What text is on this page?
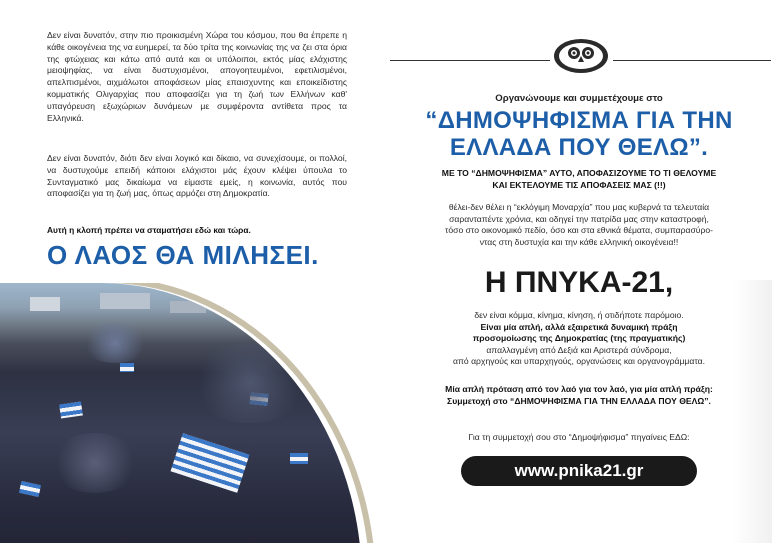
Δεν είναι δυνατόν, στην πιο προικισμένη Χώρα του κόσμου, που θα έπρεπε η κάθε οικογένεια της να ευημερεί, τα δύο τρίτα της κοινωνίας της να ζει στα όρια της φτώχειας και κάτω από αυτά και οι υπόλοιποι, εκτός μίας ελάχιστης μειοψηφίας, να είναι δυστυχισμένοι, απογοητευμένοι, εφετιλισμένοι, απελπισμένοι, αιχμάλωτοι αποφάσεων μίας επαισχυντης και εποικείδιστης κομματικής Ολιγαρχίας που αποφασίζει για τη ζωή των Ελλήνων καθ' υπαγόρευση εξωχώριων δυνάμεων με συμφέροντα αντίθετα προς τα Ελληνικά.
Δεν είναι δυνατόν, διότι δεν είναι λογικό και δίκαιο, να συνεχίσουμε, οι πολλοί, να δυστυχούμε επειδή κάποιοι ελάχιστοι μάς έχουν κλέψει ύπουλα το Συνταγματικό μας δικαίωμα να είμαστε εμείς, η κοινωνία, αυτός που αποφασίζει για τη ζωή μας, όπως αρμόζει στη Δημοκρατία.
Αυτή η κλοπή πρέπει να σταματήσει εδώ και τώρα.
Ο ΛΑΟΣ ΘΑ ΜΙΛΗΣΕΙ.
Οργανώνουμε και συμμετέχουμε στο
“ΔΗΜΟΨΗΦΙΣΜΑ ΓΙΑ ΤΗΝ
ΕΛΛΑΔΑ ΠΟΥ ΘΕΛΩ”.
ΜΕ ΤΟ “ΔΗΜΟΨΗΦΙΣΜΑ” ΑΥΤΟ, ΑΠΟΦΑΣΙΖΟΥΜΕ ΤΟ ΤΙ ΘΕΛΟΥΜΕ
ΚΑΙ ΕΚΤΕΛΟΥΜΕ ΤΙΣ ΑΠΟΦΑΣΕΙΣ ΜΑΣ (!!)
θέλει-δεν θέλει η “εκλόγιμη Μοναρχία” που μας κυβερνά τα τελευταία
σαρανταπέντε χρόνια, και οδηγεί την πατρίδα μας στην καταστροφή,
τόσο στο οικονομικό πεδίο, όσο και στα εθνικά θέματα, συμπαρασύρο-
ντας στη δυστυχία και την κάθε ελληνική οικογένεια!!
Η ΠΝΥΚΑ-21,
δεν είναι κόμμα, κίνημα, κίνηση, ή οτιδήποτε παρόμοιο.
Είναι μία απλή, αλλά εξαιρετικά δυναμική πράξη
προσομοίωσης της Δημοκρατίας (της πραγματικής)
απαλλαγμένη από Δεξιά και Αριστερά σύνδρομα,
από αρχηγούς και υπαρχηγούς, οργανώσεις και οργανογράμματα.
Μία απλή πρόταση από τον λαό για τον λαό, για μία απλή πράξη:
Συμμετοχή στο “ΔΗΜΟΨΗΦΙΣΜΑ ΓΙΑ ΤΗΝ ΕΛΛΑΔΑ ΠΟΥ ΘΕΛΩ”.
Για τη συμμετοχή σου στο “Δημοψήφισμα” πηγαίνεις ΕΔΩ:
www.pnika21.gr
